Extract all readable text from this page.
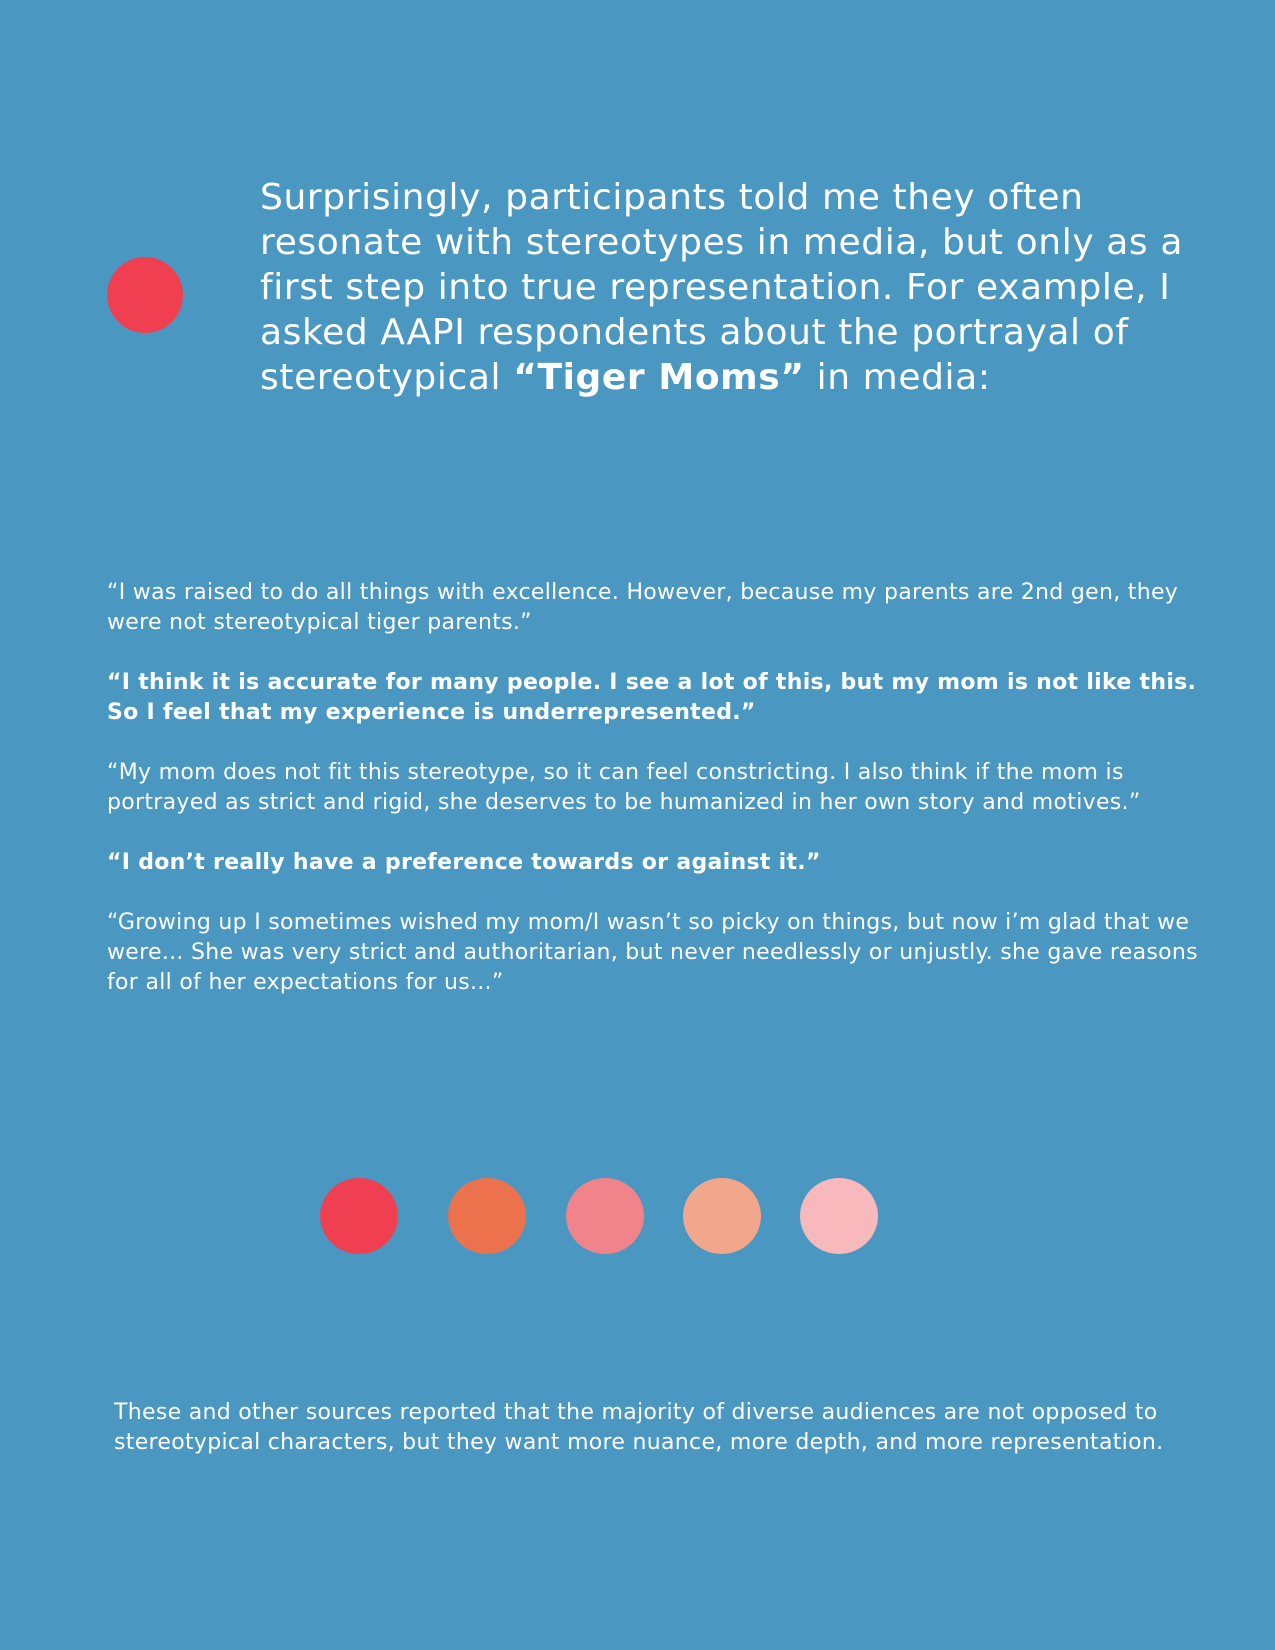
Surprisingly, participants told me they often resonate with stereotypes in media, but only as a first step into true representation. For example, I asked AAPI respondents about the portrayal of stereotypical “Tiger Moms” in media:

“I was raised to do all things with excellence. However, because my parents are 2nd gen, they were not stereotypical tiger parents.”

“I think it is accurate for many people. I see a lot of this, but my mom is not like this. So I feel that my experience is underrepresented.”

“My mom does not fit this stereotype, so it can feel constricting. I also think if the mom is portrayed as strict and rigid, she deserves to be humanized in her own story and motives.”

“I don’t really have a preference towards or against it.”

“Growing up I sometimes wished my mom/I wasn’t so picky on things, but now i’m glad that we were... She was very strict and authoritarian, but never needlessly or unjustly. she gave reasons for all of her expectations for us...”

These and other sources reported that the majority of diverse audiences are not opposed to stereotypical characters, but they want more nuance, more depth, and more representation.
